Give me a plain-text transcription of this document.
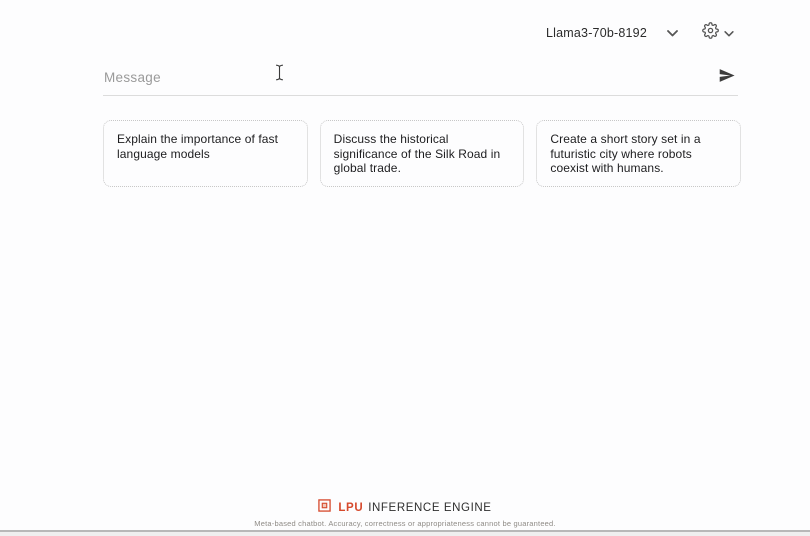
Llama3-70b-8192
Message
Explain the importance of fast language models
Discuss the historical significance of the Silk Road in global trade.
Create a short story set in a futuristic city where robots coexist with humans.
LPU INFERENCE ENGINE
Meta-based chatbot. Accuracy, correctness or appropriateness cannot be guaranteed.
